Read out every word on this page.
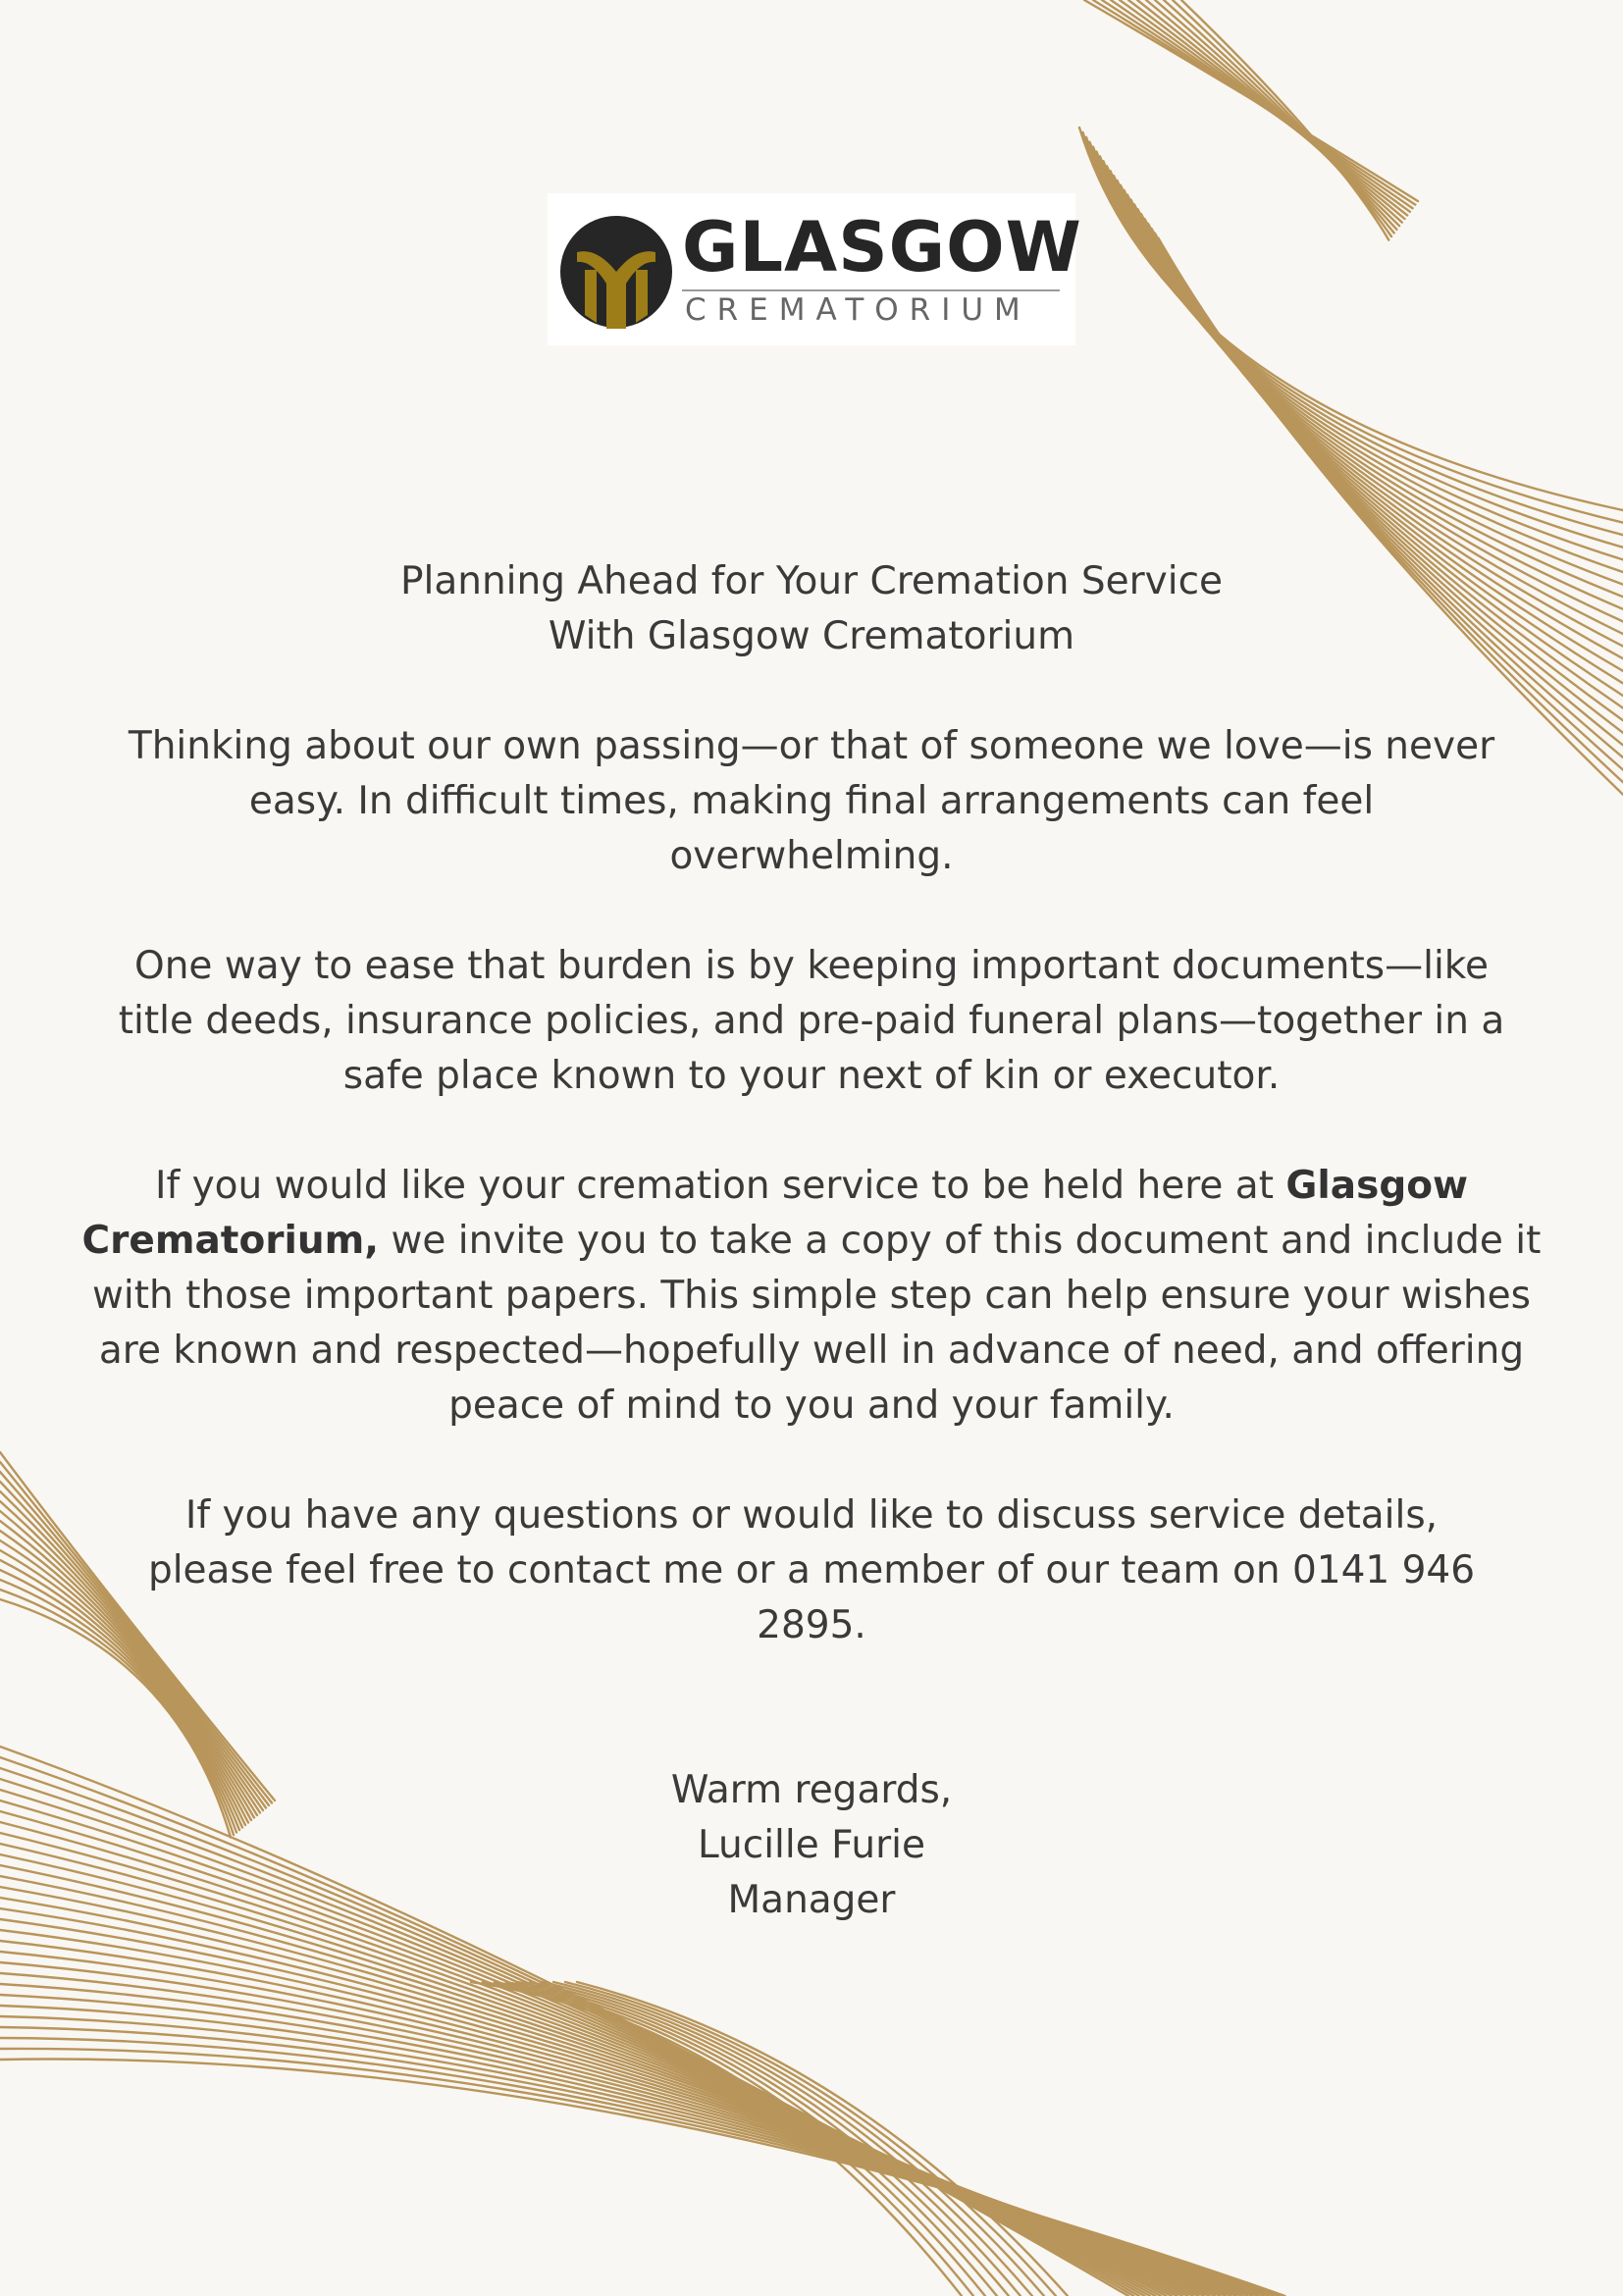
GLASGOW
CREMATORIUM

Planning Ahead for Your Cremation Service
With Glasgow Crematorium

Thinking about our own passing—or that of someone we love—is never easy. In difficult times, making final arrangements can feel overwhelming.

One way to ease that burden is by keeping important documents—like title deeds, insurance policies, and pre-paid funeral plans—together in a safe place known to your next of kin or executor.

If you would like your cremation service to be held here at Glasgow Crematorium, we invite you to take a copy of this document and include it with those important papers. This simple step can help ensure your wishes are known and respected—hopefully well in advance of need, and offering peace of mind to you and your family.

If you have any questions or would like to discuss service details, please feel free to contact me or a member of our team on 0141 946 2895.

Warm regards,
Lucille Furie
Manager
